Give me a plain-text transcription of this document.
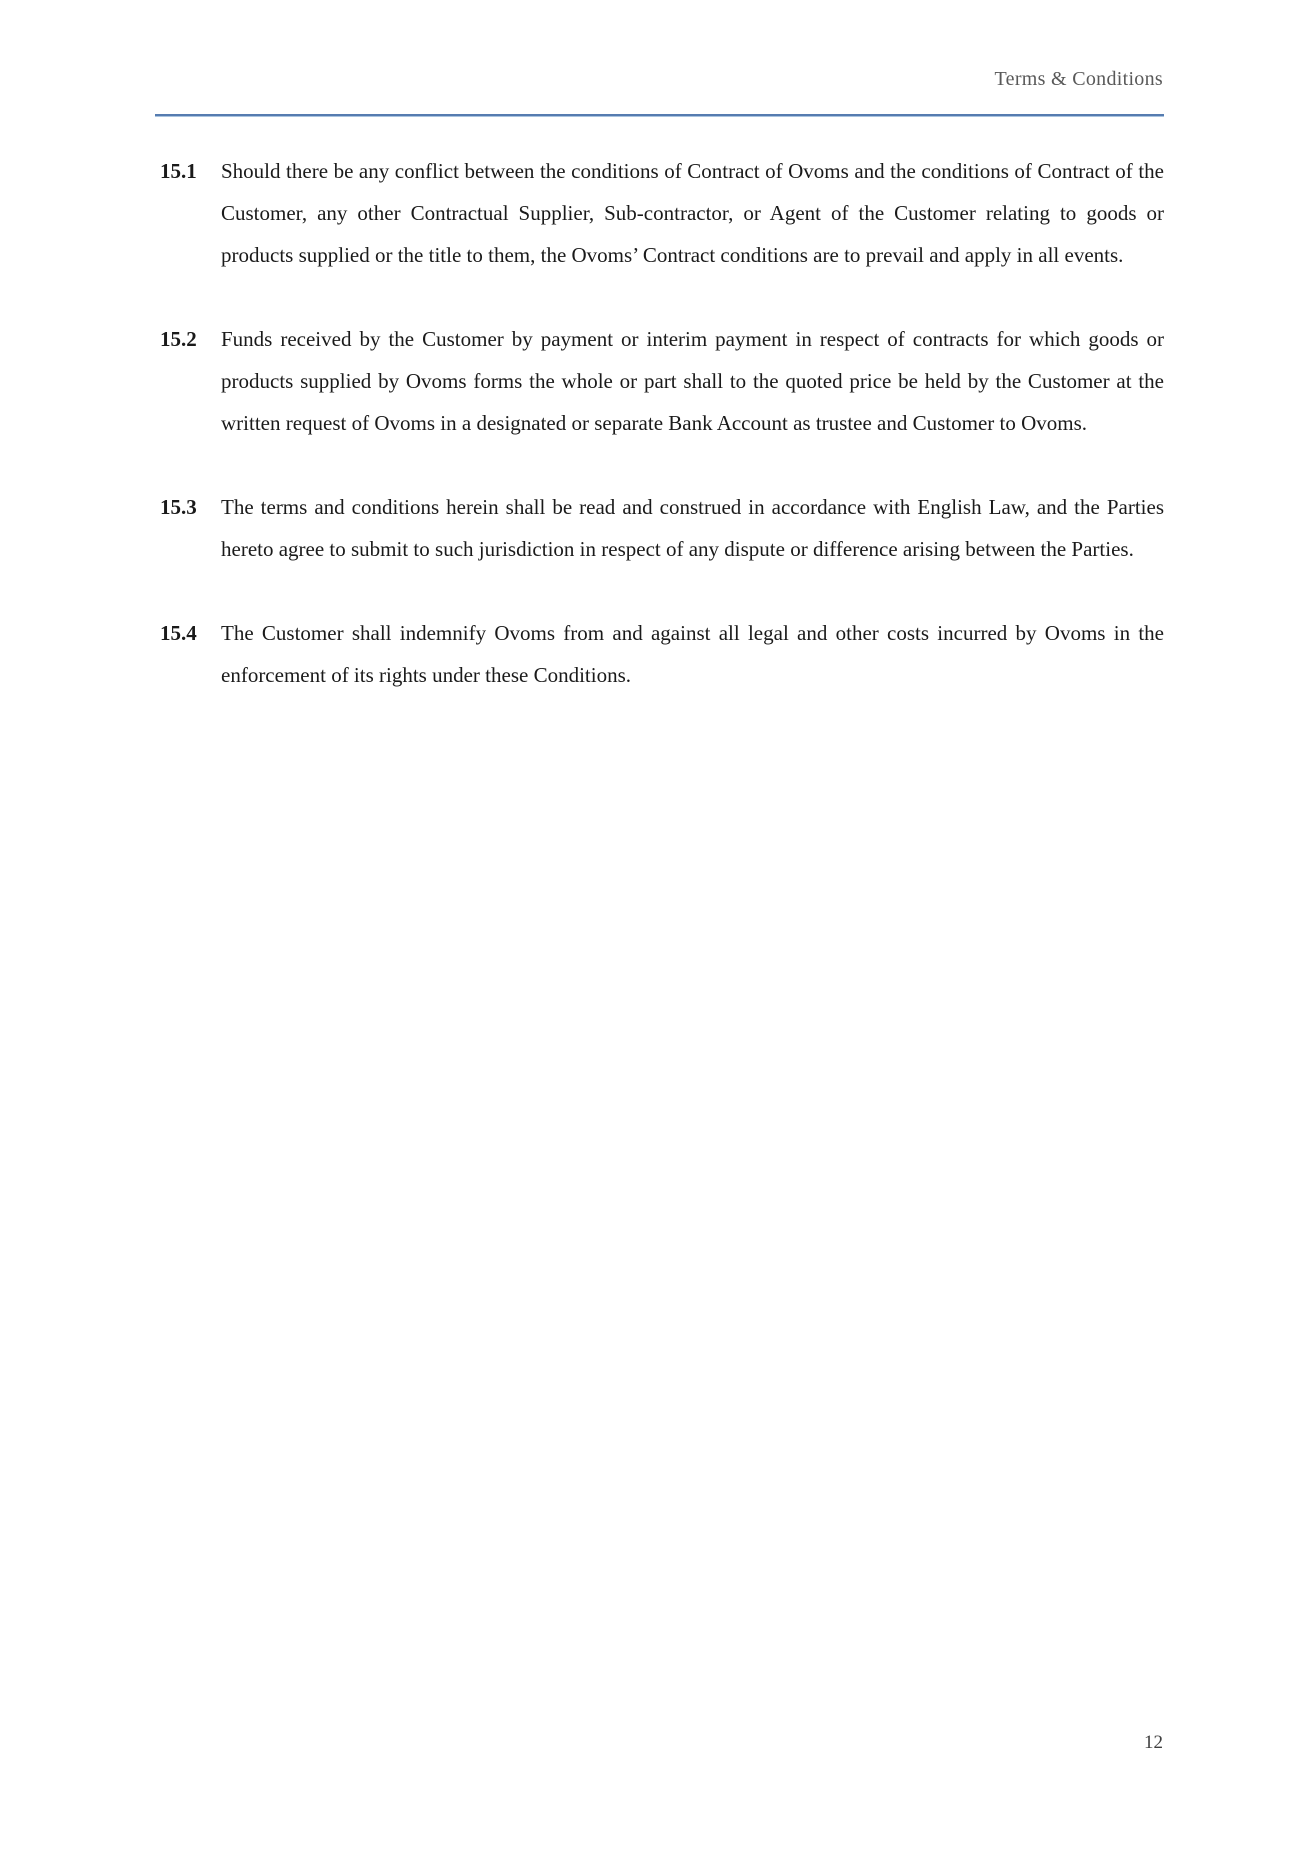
Terms & Conditions
15.1	Should there be any conflict between the conditions of Contract of Ovoms and the conditions of Contract of the Customer, any other Contractual Supplier, Sub-contractor, or Agent of the Customer relating to goods or products supplied or the title to them, the Ovoms’ Contract conditions are to prevail and apply in all events.
15.2	Funds received by the Customer by payment or interim payment in respect of contracts for which goods or products supplied by Ovoms forms the whole or part shall to the quoted price be held by the Customer at the written request of Ovoms in a designated or separate Bank Account as trustee and Customer to Ovoms.
15.3	The terms and conditions herein shall be read and construed in accordance with English Law, and the Parties hereto agree to submit to such jurisdiction in respect of any dispute or difference arising between the Parties.
15.4	The Customer shall indemnify Ovoms from and against all legal and other costs incurred by Ovoms in the enforcement of its rights under these Conditions.
12
